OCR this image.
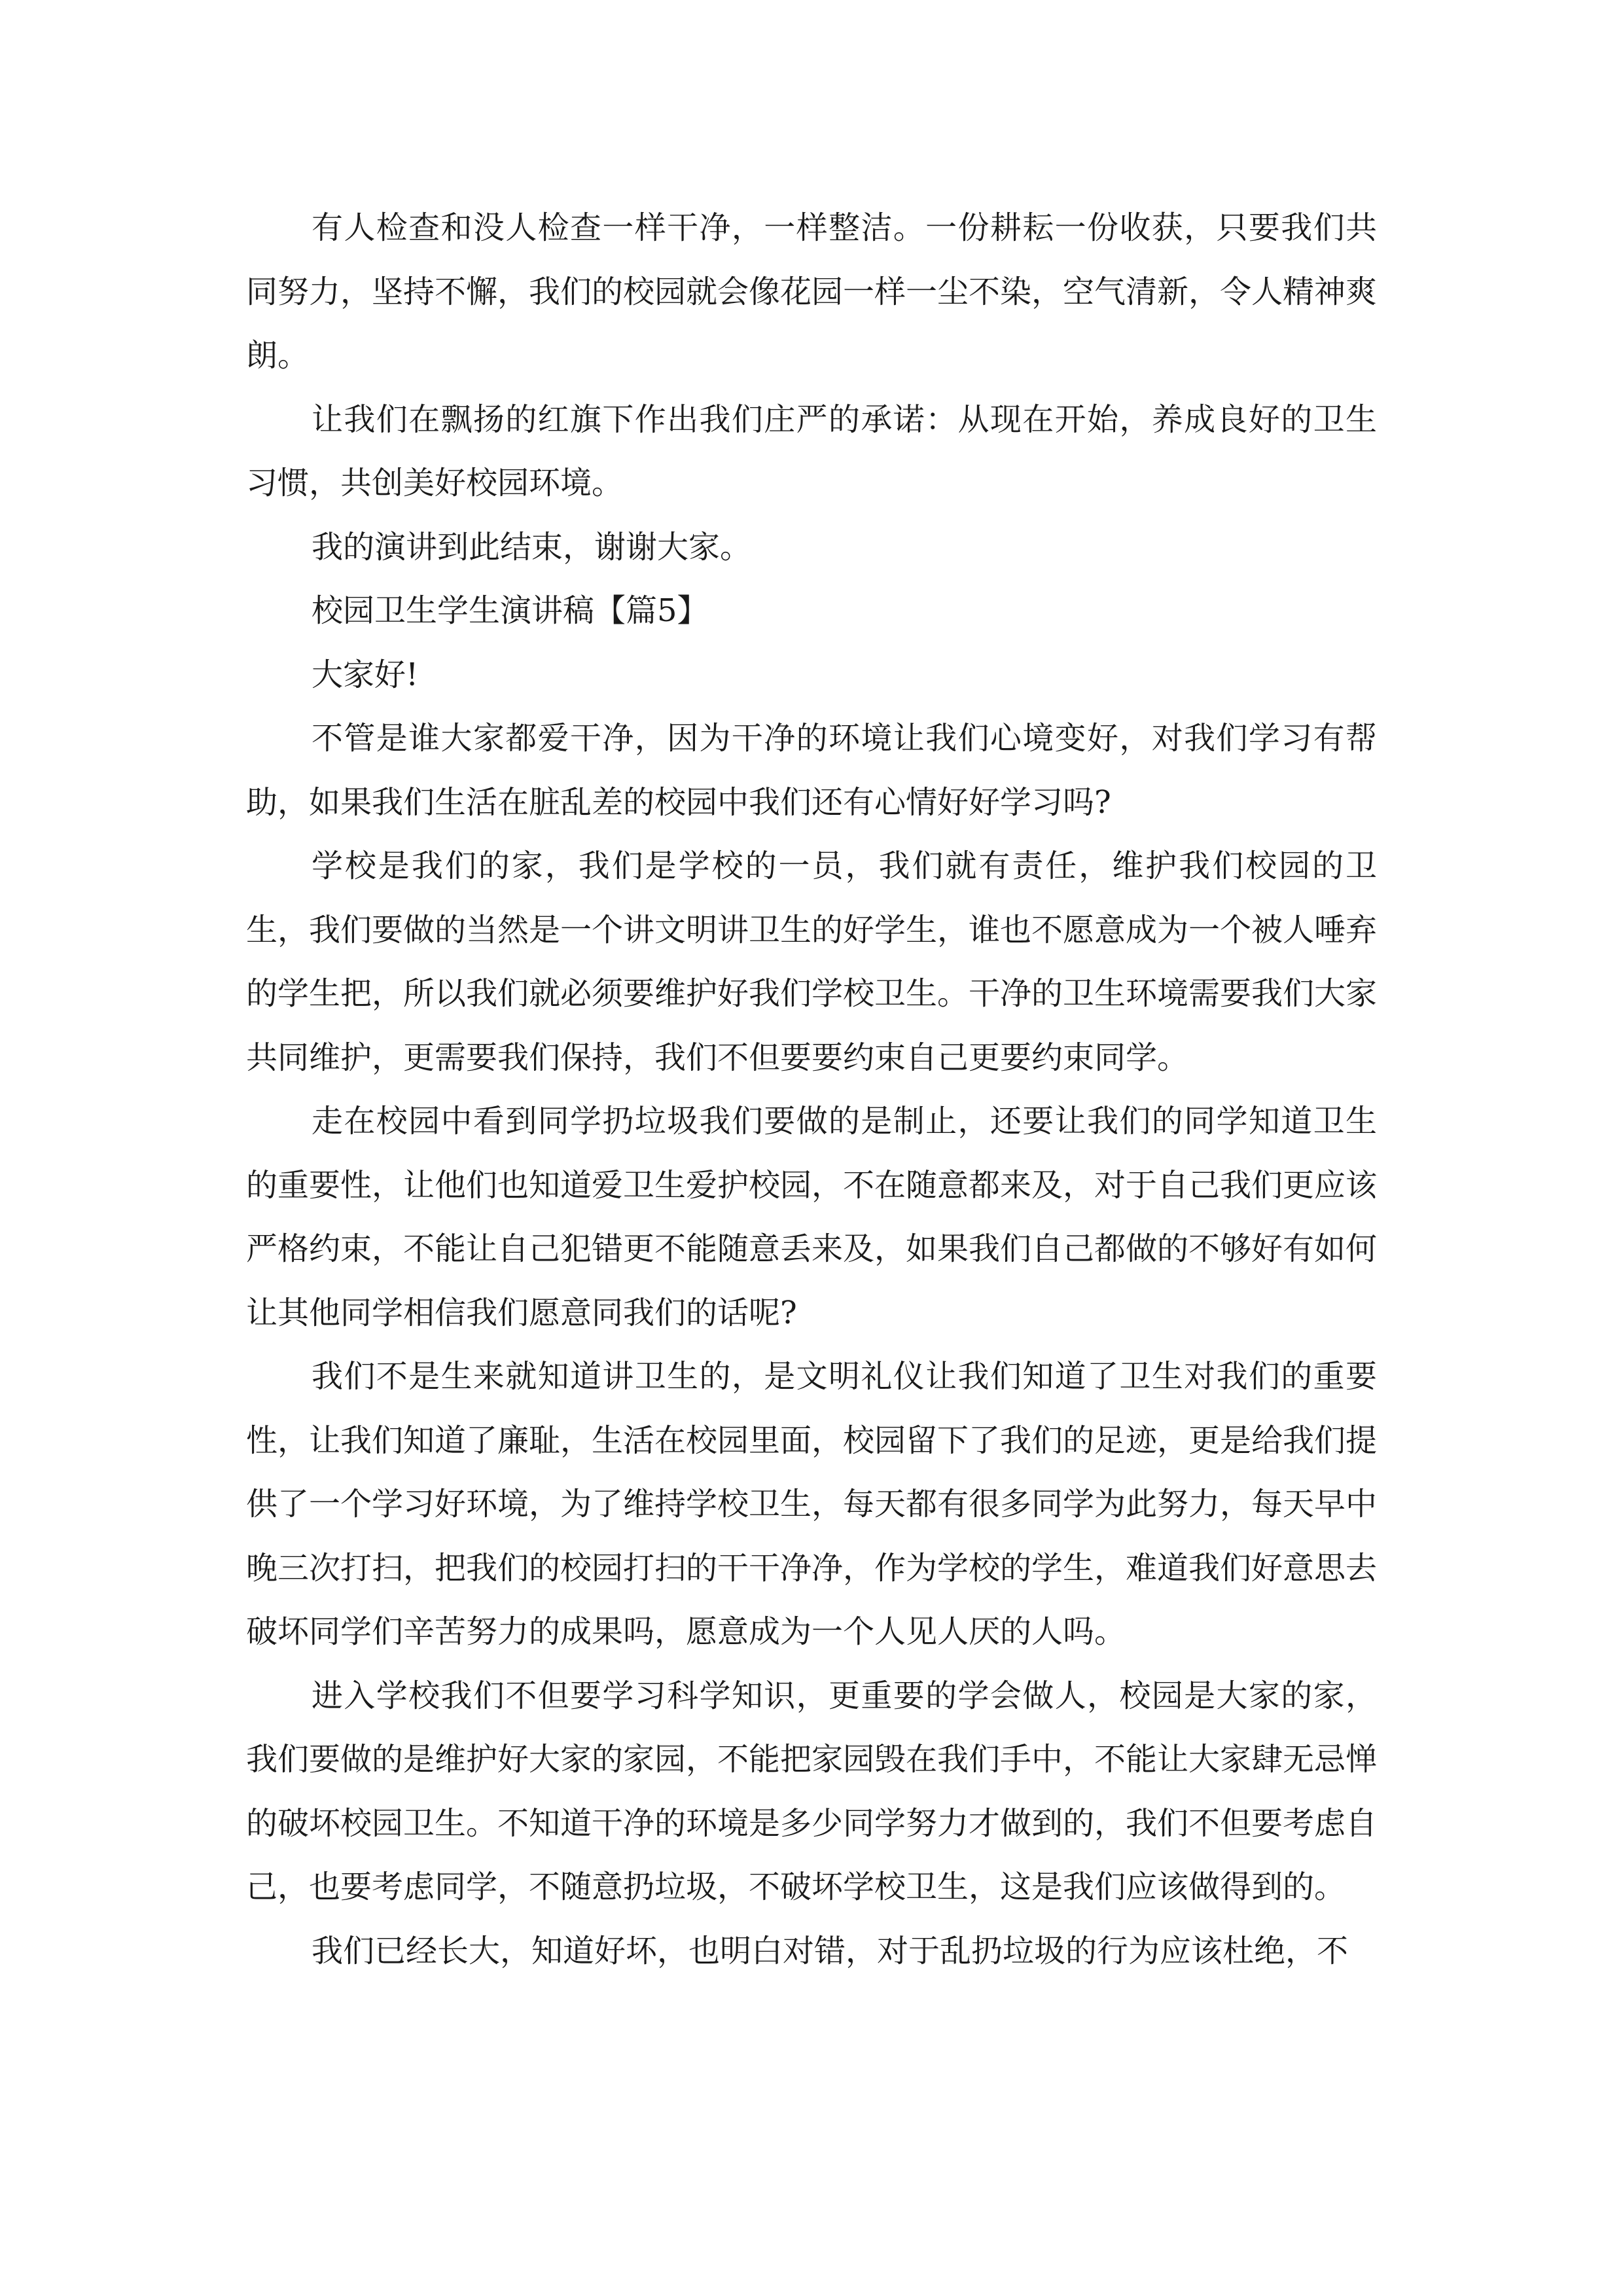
有人检查和没人检查一样干净，一样整洁。一份耕耘一份收获，只要我们共同努力，坚持不懈，我们的校园就会像花园一样一尘不染，空气清新，令人精神爽朗。

让我们在飘扬的红旗下作出我们庄严的承诺：从现在开始，养成良好的卫生习惯，共创美好校园环境。

我的演讲到此结束，谢谢大家。

校园卫生学生演讲稿【篇5】

大家好!

不管是谁大家都爱干净，因为干净的环境让我们心境变好，对我们学习有帮助，如果我们生活在脏乱差的校园中我们还有心情好好学习吗?

学校是我们的家，我们是学校的一员，我们就有责任，维护我们校园的卫生，我们要做的当然是一个讲文明讲卫生的好学生，谁也不愿意成为一个被人唾弃的学生把，所以我们就必须要维护好我们学校卫生。干净的卫生环境需要我们大家共同维护，更需要我们保持，我们不但要要约束自己更要约束同学。

走在校园中看到同学扔垃圾我们要做的是制止，还要让我们的同学知道卫生的重要性，让他们也知道爱卫生爱护校园，不在随意都来及，对于自己我们更应该严格约束，不能让自己犯错更不能随意丢来及，如果我们自己都做的不够好有如何让其他同学相信我们愿意同我们的话呢?

我们不是生来就知道讲卫生的，是文明礼仪让我们知道了卫生对我们的重要性，让我们知道了廉耻，生活在校园里面，校园留下了我们的足迹，更是给我们提供了一个学习好环境，为了维持学校卫生，每天都有很多同学为此努力，每天早中晚三次打扫，把我们的校园打扫的干干净净，作为学校的学生，难道我们好意思去破坏同学们辛苦努力的成果吗，愿意成为一个人见人厌的人吗。

进入学校我们不但要学习科学知识，更重要的学会做人，校园是大家的家，我们要做的是维护好大家的家园，不能把家园毁在我们手中，不能让大家肆无忌惮的破坏校园卫生。不知道干净的环境是多少同学努力才做到的，我们不但要考虑自己，也要考虑同学，不随意扔垃圾，不破坏学校卫生，这是我们应该做得到的。

我们已经长大，知道好坏，也明白对错，对于乱扔垃圾的行为应该杜绝，不
